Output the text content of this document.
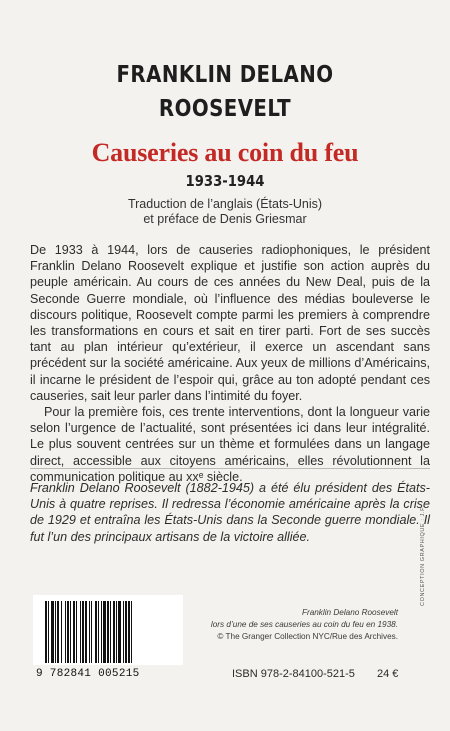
FRANKLIN DELANO
ROOSEVELT
Causeries au coin du feu
1933-1944
Traduction de l’anglais (États-Unis)
et préface de Denis Griesmar

De 1933 à 1944, lors de causeries radiophoniques, le président Franklin Delano Roosevelt explique et justifie son action auprès du peuple américain. Au cours de ces années du New Deal, puis de la Seconde Guerre mondiale, où l’influence des médias bouleverse le discours politique, Roosevelt compte parmi les premiers à comprendre les transformations en cours et sait en tirer parti. Fort de ses succès tant au plan intérieur qu’extérieur, il exerce un ascendant sans précédent sur la société américaine. Aux yeux de millions d’Américains, il incarne le président de l’espoir qui, grâce au ton adopté pendant ces causeries, sait leur parler dans l’intimité du foyer.

Pour la première fois, ces trente interventions, dont la longueur varie selon l’urgence de l’actualité, sont présentées ici dans leur intégralité. Le plus souvent centrées sur un thème et formulées dans un langage direct, accessible aux citoyens américains, elles révolutionnent la communication politique au xxᵉ siècle.

Franklin Delano Roosevelt (1882-1945) a été élu président des États-Unis à quatre reprises. Il redressa l’économie américaine après la crise de 1929 et entraîna les États-Unis dans la Seconde guerre mondiale. Il fut l’un des principaux artisans de la victoire alliée.
Franklin Delano Roosevelt
lors d’une de ses causeries au coin du feu en 1938.
© The Granger Collection NYC/Rue des Archives.
CONCEPTION GRAPHIQUE : J.F.
9 782841 005215	ISBN 978-2-84100-521-5 24 €
